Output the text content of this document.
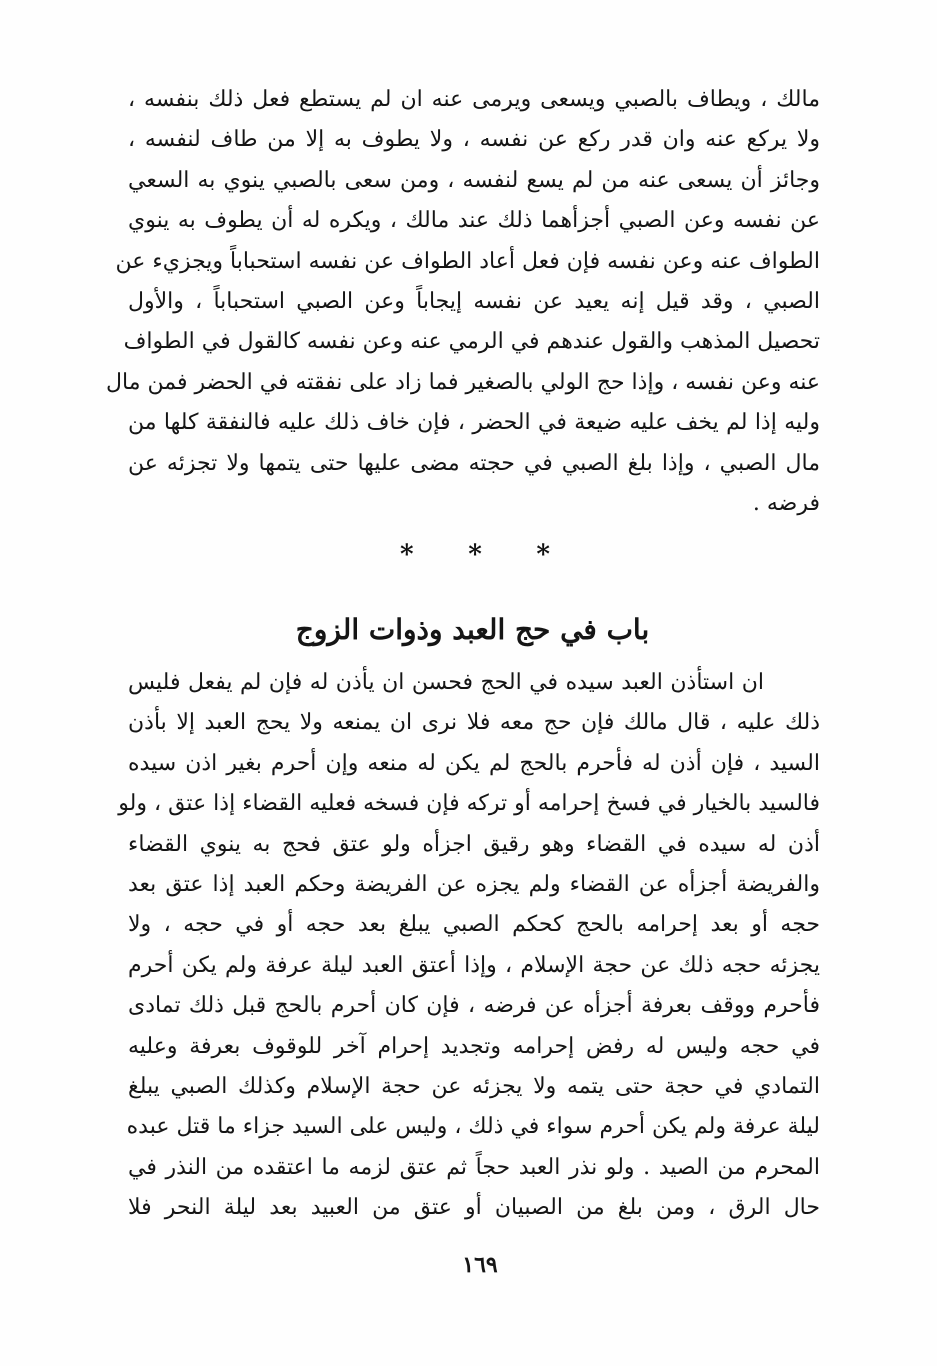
مالك ، ويطاف بالصبي ويسعى ويرمى عنه ان لم يستطع فعل ذلك بنفسه ،
ولا يركع عنه وان قدر ركع عن نفسه ، ولا يطوف به إلا من طاف لنفسه ،
وجائز أن يسعى عنه من لم يسع لنفسه ، ومن سعى بالصبي ينوي به السعي
عن نفسه وعن الصبي أجزأهما ذلك عند مالك ، ويكره له أن يطوف به ينوي
الطواف عنه وعن نفسه فإن فعل أعاد الطواف عن نفسه استحباباً ويجزيء عن
الصبي ، وقد قيل إنه يعيد عن نفسه إيجاباً وعن الصبي استحباباً ، والأول
تحصيل المذهب والقول عندهم في الرمي عنه وعن نفسه كالقول في الطواف
عنه وعن نفسه ، وإذا حج الولي بالصغير فما زاد على نفقته في الحضر فمن مال
وليه إذا لم يخف عليه ضيعة في الحضر ، فإن خاف ذلك عليه فالنفقة كلها من
مال الصبي ، وإذا بلغ الصبي في حجته مضى عليها حتى يتمها ولا تجزئه عن
فرضه .

* * *
باب في حج العبد وذوات الزوج

ان استأذن العبد سيده في الحج فحسن ان يأذن له فإن لم يفعل فليس
ذلك عليه ، قال مالك فإن حج معه فلا نرى ان يمنعه ولا يحج العبد إلا بأذن
السيد ، فإن أذن له فأحرم بالحج لم يكن له منعه وإن أحرم بغير اذن سيده
فالسيد بالخيار في فسخ إحرامه أو تركه فإن فسخه فعليه القضاء إذا عتق ، ولو
أذن له سيده في القضاء وهو رقيق اجزأه ولو عتق فحج به ينوي القضاء
والفريضة أجزأه عن القضاء ولم يجزه عن الفريضة وحكم العبد إذا عتق بعد
حجه أو بعد إحرامه بالحج كحكم الصبي يبلغ بعد حجه أو في حجه ، ولا
يجزئه حجه ذلك عن حجة الإسلام ، وإذا أعتق العبد ليلة عرفة ولم يكن أحرم
فأحرم ووقف بعرفة أجزأه عن فرضه ، فإن كان أحرم بالحج قبل ذلك تمادى
في حجه وليس له رفض إحرامه وتجديد إحرام آخر للوقوف بعرفة وعليه
التمادي في حجة حتى يتمه ولا يجزئه عن حجة الإسلام وكذلك الصبي يبلغ
ليلة عرفة ولم يكن أحرم سواء في ذلك ، وليس على السيد جزاء ما قتل عبده
المحرم من الصيد . ولو نذر العبد حجاً ثم عتق لزمه ما اعتقده من النذر في
حال الرق ، ومن بلغ من الصبيان أو عتق من العبيد بعد ليلة النحر فلا

١٦٩
